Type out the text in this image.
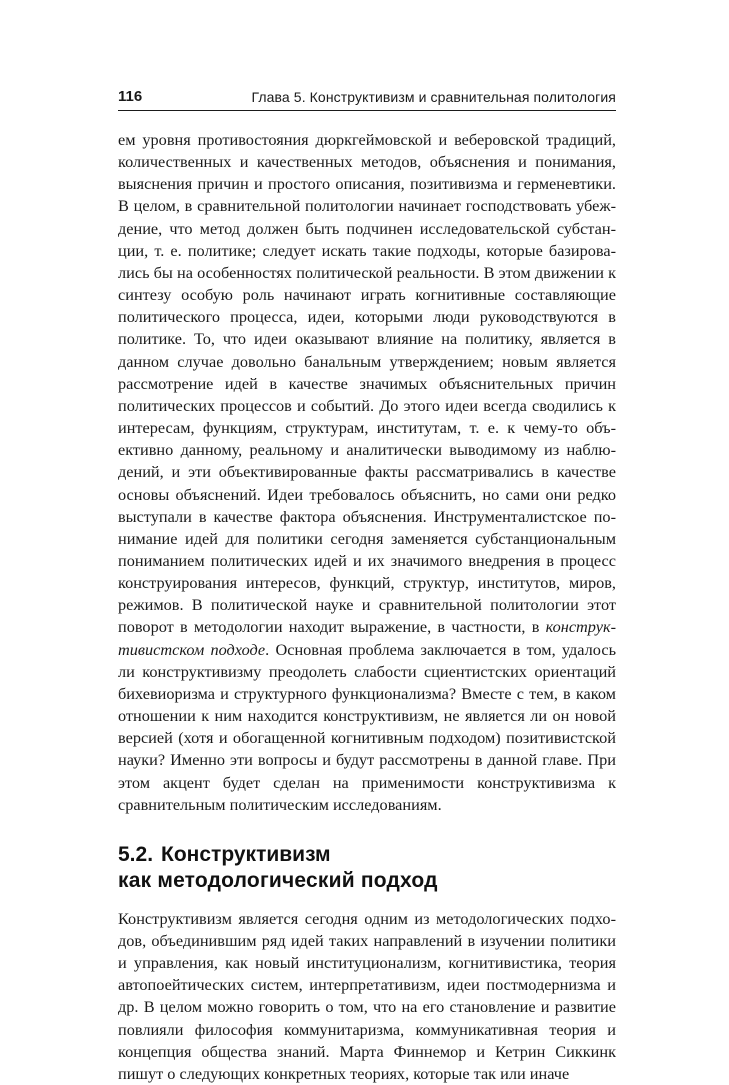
116	Глава 5. Конструктивизм и сравнительная политология

ем уровня противостояния дюркгеймовской и веберовской традиций, количественных и качественных методов, объяснения и понимания, выяснения причин и простого описания, позитивизма и герменевтики. В целом, в сравнительной политологии начинает господствовать убеждение, что метод должен быть подчинен исследовательской субстанции, т. е. политике; следует искать такие подходы, которые базировались бы на особенностях политической реальности. В этом движении к синтезу особую роль начинают играть когнитивные составляющие политического процесса, идеи, которыми люди руководствуются в политике. То, что идеи оказывают влияние на политику, является в данном случае довольно банальным утверждением; новым является рассмотрение идей в качестве значимых объяснительных причин политических процессов и событий. До этого идеи всегда сводились к интересам, функциям, структурам, институтам, т. е. к чему-то объективно данному, реальному и аналитически выводимому из наблюдений, и эти объективированные факты рассматривались в качестве основы объяснений. Идеи требовалось объяснить, но сами они редко выступали в качестве фактора объяснения. Инструменталистское понимание идей для политики сегодня заменяется субстанциональным пониманием политических идей и их значимого внедрения в процесс конструирования интересов, функций, структур, институтов, миров, режимов. В политической науке и сравнительной политологии этот поворот в методологии находит выражение, в частности, в конструктивистском подходе. Основная проблема заключается в том, удалось ли конструктивизму преодолеть слабости сциентистских ориентаций бихевиоризма и структурного функционализма? Вместе с тем, в каком отношении к ним находится конструктивизм, не является ли он новой версией (хотя и обогащенной когнитивным подходом) позитивистской науки? Именно эти вопросы и будут рассмотрены в данной главе. При этом акцент будет сделан на применимости конструктивизма к сравнительным политическим исследованиям.

5.2. Конструктивизм
как методологический подход

Конструктивизм является сегодня одним из методологических подходов, объединившим ряд идей таких направлений в изучении политики и управления, как новый институционализм, когнитивистика, теория автопоейтических систем, интерпретативизм, идеи постмодернизма и др. В целом можно говорить о том, что на его становление и развитие повлияли философия коммунитаризма, коммуникативная теория и концепция общества знаний. Марта Финнемор и Кетрин Сиккинк пишут о следующих конкретных теориях, которые так или иначе
